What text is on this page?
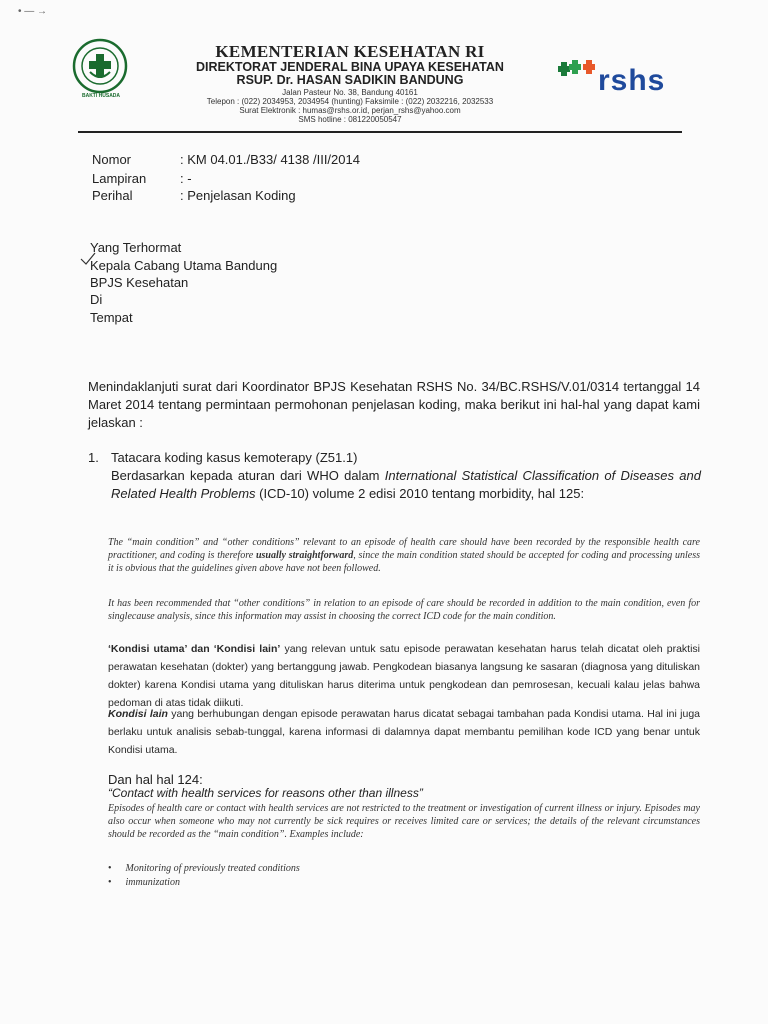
• — →
BAKTI HUSADA	rshs
KEMENTERIAN KESEHATAN RI
DIREKTORAT JENDERAL BINA UPAYA KESEHATAN
RSUP. Dr. HASAN SADIKIN BANDUNG
Jalan Pasteur No. 38, Bandung 40161
Telepon : (022) 2034953, 2034954 (hunting) Faksimile : (022) 2032216, 2032533
Surat Elektronik : humas@rshs.or.id, perjan_rshs@yahoo.com
SMS hotline : 081220050547
Nomor	: KM 04.01./B33/ 4138 /III/2014
Lampiran	: -
Perihal	: Penjelasan Koding
Yang Terhormat
Kepala Cabang Utama Bandung
BPJS Kesehatan
Di
Tempat
Menindaklanjuti surat dari Koordinator BPJS Kesehatan RSHS No. 34/BC.RSHS/V.01/0314 tertanggal 14 Maret 2014 tentang permintaan permohonan penjelasan koding, maka berikut ini hal-hal yang dapat kami jelaskan :
1. Tatacara koding kasus kemoterapy (Z51.1)
Berdasarkan kepada aturan dari WHO dalam International Statistical Classification of Diseases and Related Health Problems (ICD-10) volume 2 edisi 2010 tentang morbidity, hal 125:
The “main condition” and “other conditions” relevant to an episode of health care should have been recorded by the responsible health care practitioner, and coding is therefore usually straightforward, since the main condition stated should be accepted for coding and processing unless it is obvious that the guidelines given above have not been followed.
It has been recommended that “other conditions” in relation to an episode of care should be recorded in addition to the main condition, even for singlecause analysis, since this information may assist in choosing the correct ICD code for the main condition.
‘Kondisi utama’ dan ‘Kondisi lain’ yang relevan untuk satu episode perawatan kesehatan harus telah dicatat oleh praktisi perawatan kesehatan (dokter) yang bertanggung jawab. Pengkodean biasanya langsung ke sasaran (diagnosa yang dituliskan dokter) karena Kondisi utama yang dituliskan harus diterima untuk pengkodean dan pemrosesan, kecuali kalau jelas bahwa pedoman di atas tidak diikuti.
Kondisi lain yang berhubungan dengan episode perawatan harus dicatat sebagai tambahan pada Kondisi utama. Hal ini juga berlaku untuk analisis sebab-tunggal, karena informasi di dalamnya dapat membantu pemilihan kode ICD yang benar untuk Kondisi utama.
Dan hal hal 124:
“Contact with health services for reasons other than illness”
Episodes of health care or contact with health services are not restricted to the treatment or investigation of current illness or injury. Episodes may also occur when someone who may not currently be sick requires or receives limited care or services; the details of the relevant circumstances should be recorded as the “main condition”. Examples include:
• Monitoring of previously treated conditions
• immunization
